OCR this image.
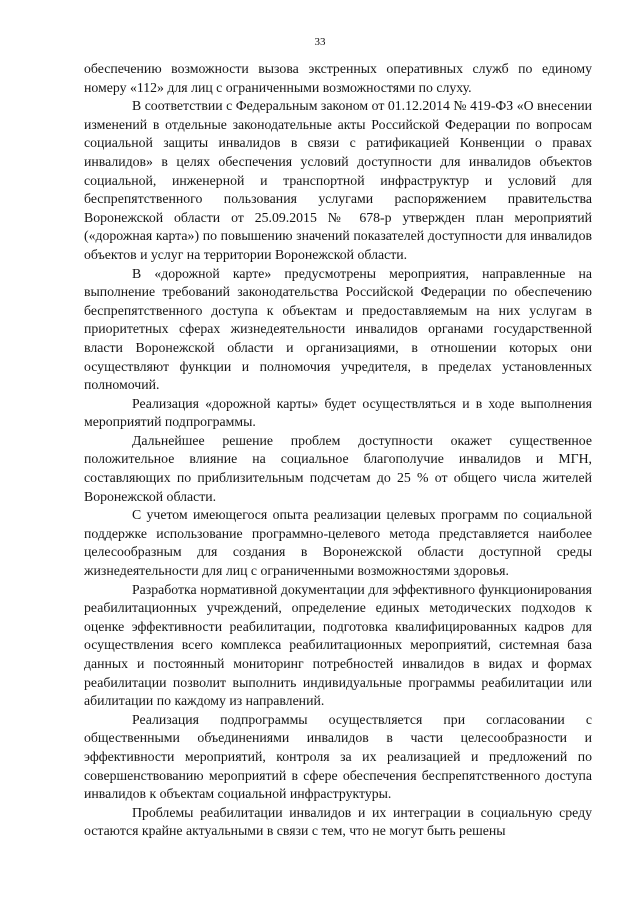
33

обеспечению возможности вызова экстренных оперативных служб по единому номеру «112» для лиц с ограниченными возможностями по слуху.

В соответствии с Федеральным законом от 01.12.2014 № 419-ФЗ «О внесении изменений в отдельные законодательные акты Российской Федерации по вопросам социальной защиты инвалидов в связи с ратификацией Конвенции о правах инвалидов» в целях обеспечения условий доступности для инвалидов объектов социальной, инженерной и транспортной инфраструктур и условий для беспрепятственного пользования услугами распоряжением правительства Воронежской области от 25.09.2015 № 678-р утвержден план мероприятий («дорожная карта») по повышению значений показателей доступности для инвалидов объектов и услуг на территории Воронежской области.

В «дорожной карте» предусмотрены мероприятия, направленные на выполнение требований законодательства Российской Федерации по обеспечению беспрепятственного доступа к объектам и предоставляемым на них услугам в приоритетных сферах жизнедеятельности инвалидов органами государственной власти Воронежской области и организациями, в отношении которых они осуществляют функции и полномочия учредителя, в пределах установленных полномочий.

Реализация «дорожной карты» будет осуществляться и в ходе выполнения мероприятий подпрограммы.

Дальнейшее решение проблем доступности окажет существенное положительное влияние на социальное благополучие инвалидов и МГН, составляющих по приблизительным подсчетам до 25 % от общего числа жителей Воронежской области.

С учетом имеющегося опыта реализации целевых программ по социальной поддержке использование программно-целевого метода представляется наиболее целесообразным для создания в Воронежской области доступной среды жизнедеятельности для лиц с ограниченными возможностями здоровья.

Разработка нормативной документации для эффективного функционирования реабилитационных учреждений, определение единых методических подходов к оценке эффективности реабилитации, подготовка квалифицированных кадров для осуществления всего комплекса реабилитационных мероприятий, системная база данных и постоянный мониторинг потребностей инвалидов в видах и формах реабилитации позволит выполнить индивидуальные программы реабилитации или абилитации по каждому из направлений.

Реализация подпрограммы осуществляется при согласовании с общественными объединениями инвалидов в части целесообразности и эффективности мероприятий, контроля за их реализацией и предложений по совершенствованию мероприятий в сфере обеспечения беспрепятственного доступа инвалидов к объектам социальной инфраструктуры.

Проблемы реабилитации инвалидов и их интеграции в социальную среду остаются крайне актуальными в связи с тем, что не могут быть решены
